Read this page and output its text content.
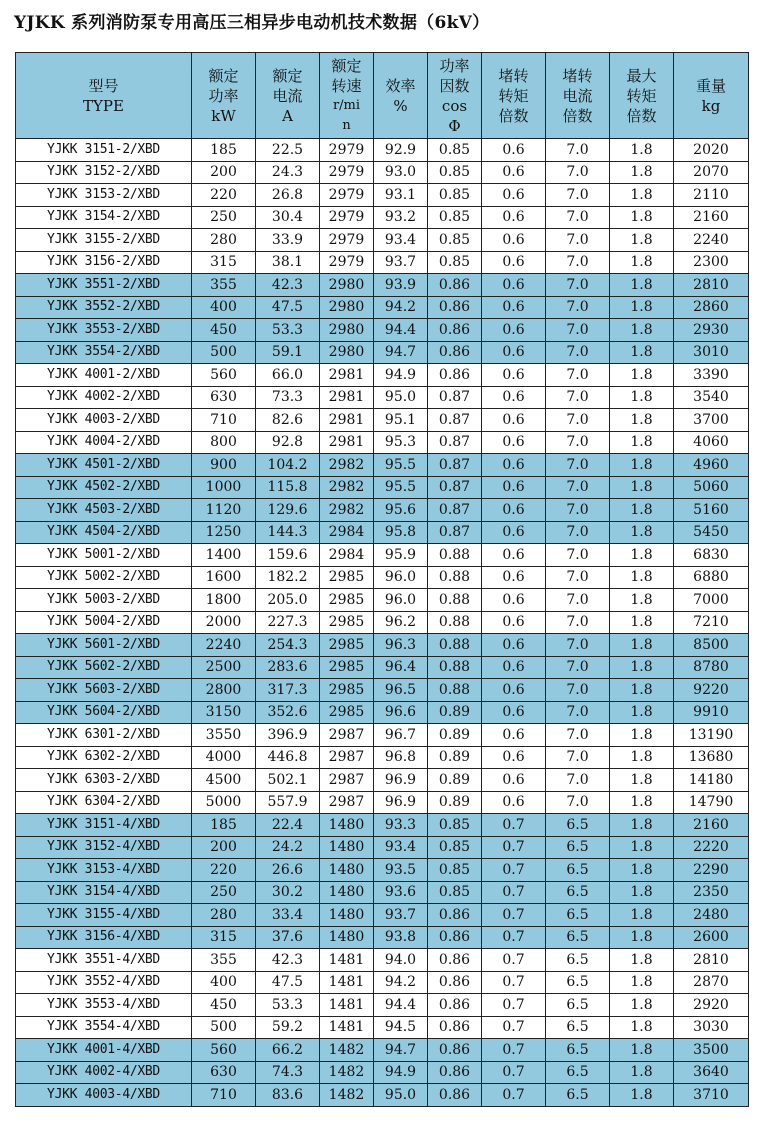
YJKK 系列消防泵专用高压三相异步电动机技术数据（6kV）
型号
TYPE	额定
功率
kW	额定
电流
A	额定
转速
r/mi
n	效率
%	功率
因数
cos
Φ	堵转
转矩
倍数	堵转
电流
倍数	最大
转矩
倍数	重量
kg

YJKK 3151-2/XBD	185	22.5	2979	92.9	0.85	0.6	7.0	1.8	2020
YJKK 3152-2/XBD	200	24.3	2979	93.0	0.85	0.6	7.0	1.8	2070
YJKK 3153-2/XBD	220	26.8	2979	93.1	0.85	0.6	7.0	1.8	2110
YJKK 3154-2/XBD	250	30.4	2979	93.2	0.85	0.6	7.0	1.8	2160
YJKK 3155-2/XBD	280	33.9	2979	93.4	0.85	0.6	7.0	1.8	2240
YJKK 3156-2/XBD	315	38.1	2979	93.7	0.85	0.6	7.0	1.8	2300
YJKK 3551-2/XBD	355	42.3	2980	93.9	0.86	0.6	7.0	1.8	2810
YJKK 3552-2/XBD	400	47.5	2980	94.2	0.86	0.6	7.0	1.8	2860
YJKK 3553-2/XBD	450	53.3	2980	94.4	0.86	0.6	7.0	1.8	2930
YJKK 3554-2/XBD	500	59.1	2980	94.7	0.86	0.6	7.0	1.8	3010
YJKK 4001-2/XBD	560	66.0	2981	94.9	0.86	0.6	7.0	1.8	3390
YJKK 4002-2/XBD	630	73.3	2981	95.0	0.87	0.6	7.0	1.8	3540
YJKK 4003-2/XBD	710	82.6	2981	95.1	0.87	0.6	7.0	1.8	3700
YJKK 4004-2/XBD	800	92.8	2981	95.3	0.87	0.6	7.0	1.8	4060
YJKK 4501-2/XBD	900	104.2	2982	95.5	0.87	0.6	7.0	1.8	4960
YJKK 4502-2/XBD	1000	115.8	2982	95.5	0.87	0.6	7.0	1.8	5060
YJKK 4503-2/XBD	1120	129.6	2982	95.6	0.87	0.6	7.0	1.8	5160
YJKK 4504-2/XBD	1250	144.3	2984	95.8	0.87	0.6	7.0	1.8	5450
YJKK 5001-2/XBD	1400	159.6	2984	95.9	0.88	0.6	7.0	1.8	6830
YJKK 5002-2/XBD	1600	182.2	2985	96.0	0.88	0.6	7.0	1.8	6880
YJKK 5003-2/XBD	1800	205.0	2985	96.0	0.88	0.6	7.0	1.8	7000
YJKK 5004-2/XBD	2000	227.3	2985	96.2	0.88	0.6	7.0	1.8	7210
YJKK 5601-2/XBD	2240	254.3	2985	96.3	0.88	0.6	7.0	1.8	8500
YJKK 5602-2/XBD	2500	283.6	2985	96.4	0.88	0.6	7.0	1.8	8780
YJKK 5603-2/XBD	2800	317.3	2985	96.5	0.88	0.6	7.0	1.8	9220
YJKK 5604-2/XBD	3150	352.6	2985	96.6	0.89	0.6	7.0	1.8	9910
YJKK 6301-2/XBD	3550	396.9	2987	96.7	0.89	0.6	7.0	1.8	13190
YJKK 6302-2/XBD	4000	446.8	2987	96.8	0.89	0.6	7.0	1.8	13680
YJKK 6303-2/XBD	4500	502.1	2987	96.9	0.89	0.6	7.0	1.8	14180
YJKK 6304-2/XBD	5000	557.9	2987	96.9	0.89	0.6	7.0	1.8	14790
YJKK 3151-4/XBD	185	22.4	1480	93.3	0.85	0.7	6.5	1.8	2160
YJKK 3152-4/XBD	200	24.2	1480	93.4	0.85	0.7	6.5	1.8	2220
YJKK 3153-4/XBD	220	26.6	1480	93.5	0.85	0.7	6.5	1.8	2290
YJKK 3154-4/XBD	250	30.2	1480	93.6	0.85	0.7	6.5	1.8	2350
YJKK 3155-4/XBD	280	33.4	1480	93.7	0.86	0.7	6.5	1.8	2480
YJKK 3156-4/XBD	315	37.6	1480	93.8	0.86	0.7	6.5	1.8	2600
YJKK 3551-4/XBD	355	42.3	1481	94.0	0.86	0.7	6.5	1.8	2810
YJKK 3552-4/XBD	400	47.5	1481	94.2	0.86	0.7	6.5	1.8	2870
YJKK 3553-4/XBD	450	53.3	1481	94.4	0.86	0.7	6.5	1.8	2920
YJKK 3554-4/XBD	500	59.2	1481	94.5	0.86	0.7	6.5	1.8	3030
YJKK 4001-4/XBD	560	66.2	1482	94.7	0.86	0.7	6.5	1.8	3500
YJKK 4002-4/XBD	630	74.3	1482	94.9	0.86	0.7	6.5	1.8	3640
YJKK 4003-4/XBD	710	83.6	1482	95.0	0.86	0.7	6.5	1.8	3710
